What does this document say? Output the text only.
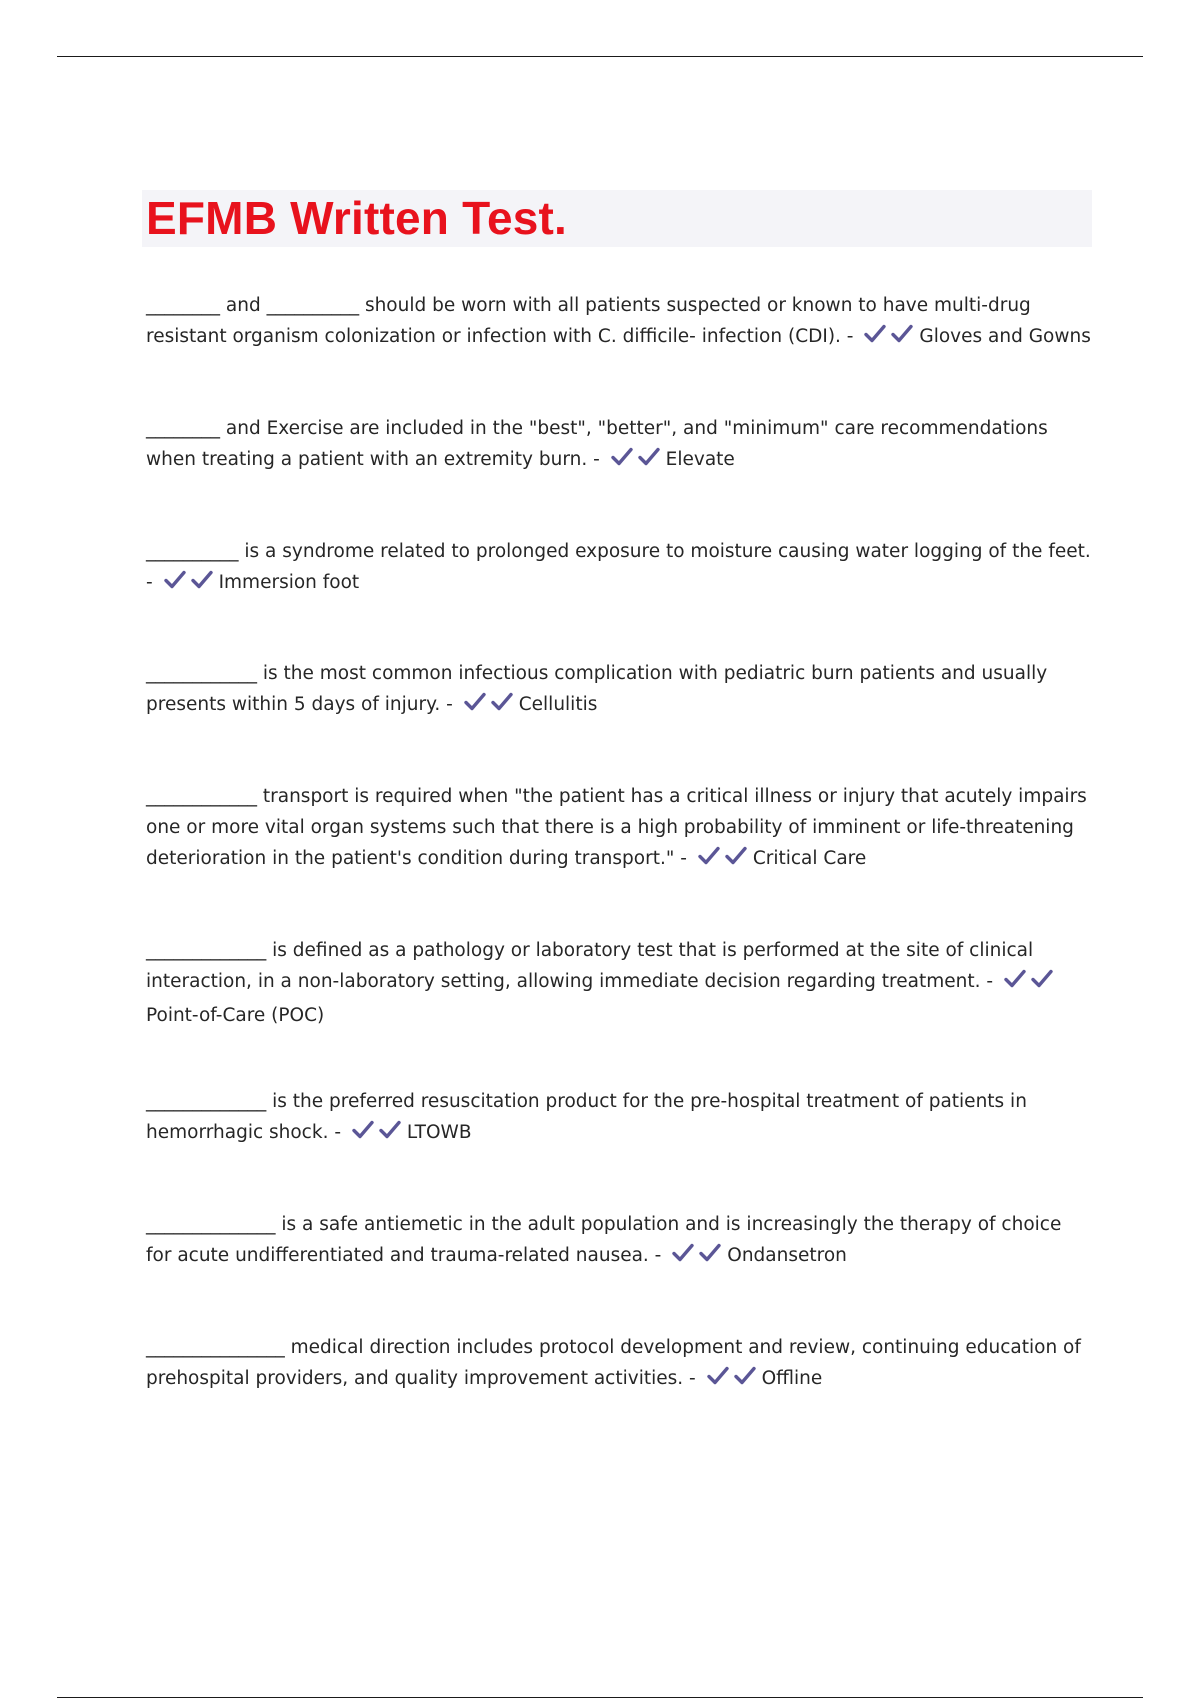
EFMB Written Test.

________ and __________ should be worn with all patients suspected or known to have multi-drug resistant organism colonization or infection with C. difficile- infection (CDI). -	Gloves and Gowns

________ and Exercise are included in the "best", "better", and "minimum" care recommendations when treating a patient with an extremity burn. -	Elevate

__________ is a syndrome related to prolonged exposure to moisture causing water logging of the feet. -	Immersion foot

____________ is the most common infectious complication with pediatric burn patients and usually presents within 5 days of injury. -	Cellulitis

____________ transport is required when "the patient has a critical illness or injury that acutely impairs one or more vital organ systems such that there is a high probability of imminent or life-threatening deterioration in the patient's condition during transport." -	Critical Care

_____________ is defined as a pathology or laboratory test that is performed at the site of clinical interaction, in a non-laboratory setting, allowing immediate decision regarding treatment. -
Point-of-Care (POC)

_____________ is the preferred resuscitation product for the pre-hospital treatment of patients in hemorrhagic shock. -	LTOWB

______________ is a safe antiemetic in the adult population and is increasingly the therapy of choice for acute undifferentiated and trauma-related nausea. -	Ondansetron

_______________ medical direction includes protocol development and review, continuing education of prehospital providers, and quality improvement activities. -	Offline
